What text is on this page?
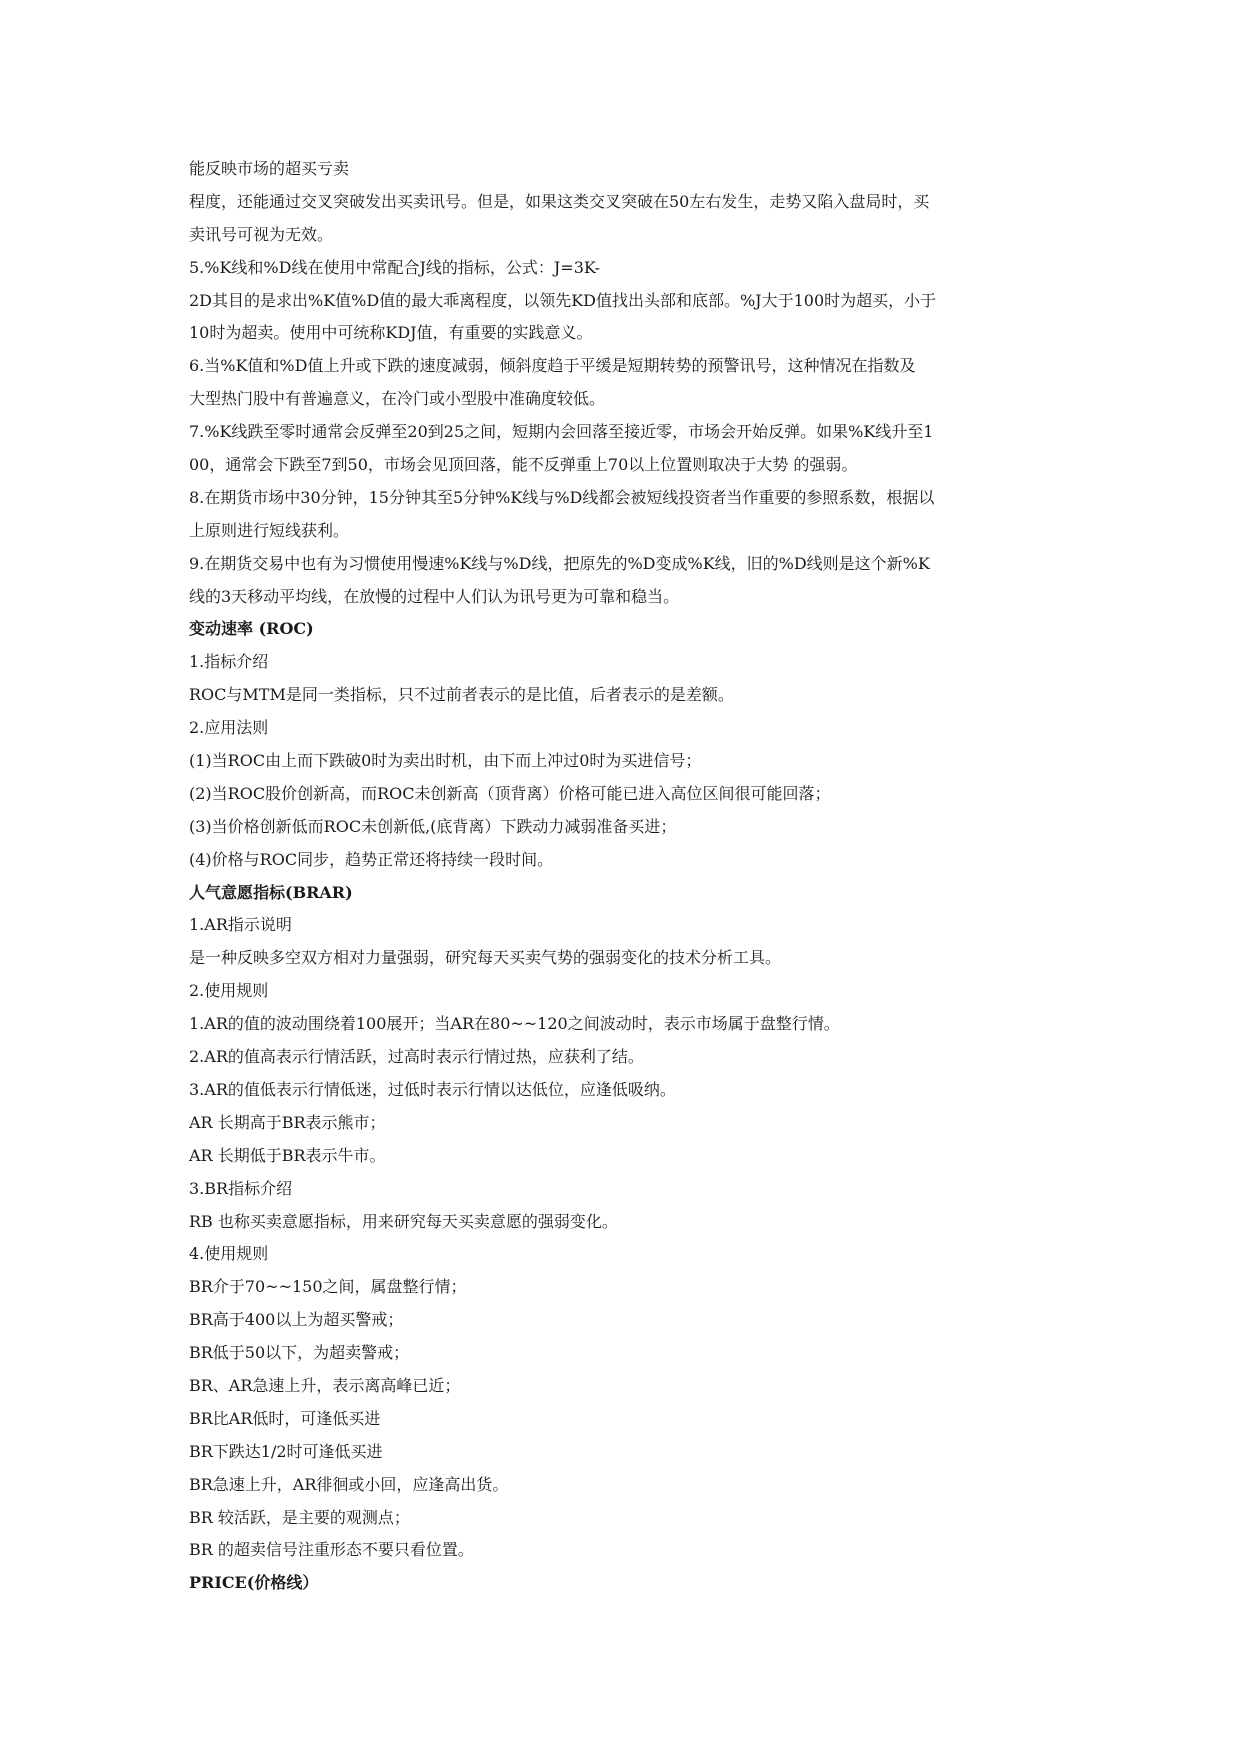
能反映市场的超买亏卖
程度，还能通过交叉突破发出买卖讯号。但是，如果这类交叉突破在50左右发生，走势又陷入盘局时，买
卖讯号可视为无效。
5.%K线和%D线在使用中常配合J线的指标，公式：J=3K-
2D其目的是求出%K值%D值的最大乖离程度，以领先KD值找出头部和底部。%J大于100时为超买，小于
10时为超卖。使用中可统称KDJ值，有重要的实践意义。
6.当%K值和%D值上升或下跌的速度减弱，倾斜度趋于平缓是短期转势的预警讯号，这种情况在指数及
大型热门股中有普遍意义，在冷门或小型股中准确度较低。
7.%K线跌至零时通常会反弹至20到25之间，短期内会回落至接近零，市场会开始反弹。如果%K线升至1
00，通常会下跌至7到50，市场会见顶回落，能不反弹重上70以上位置则取决于大势 的强弱。
8.在期货市场中30分钟，15分钟其至5分钟%K线与%D线都会被短线投资者当作重要的参照系数，根据以
上原则进行短线获利。
9.在期货交易中也有为习惯使用慢速%K线与%D线，把原先的%D变成%K线，旧的%D线则是这个新%K
线的3天移动平均线，在放慢的过程中人们认为讯号更为可靠和稳当。
变动速率 (ROC)
1.指标介绍
ROC与MTM是同一类指标，只不过前者表示的是比值，后者表示的是差额。
2.应用法则
(1)当ROC由上而下跌破0时为卖出时机，由下而上冲过0时为买进信号；
(2)当ROC股价创新高，而ROC未创新高（顶背离）价格可能已进入高位区间很可能回落；
(3)当价格创新低而ROC未创新低,(底背离）下跌动力减弱准备买进；
(4)价格与ROC同步，趋势正常还将持续一段时间。
人气意愿指标(BRAR)
1.AR指示说明
是一种反映多空双方相对力量强弱，研究每天买卖气势的强弱变化的技术分析工具。
2.使用规则
1.AR的值的波动围绕着100展开；当AR在80~~120之间波动时，表示市场属于盘整行情。
2.AR的值高表示行情活跃，过高时表示行情过热，应获利了结。
3.AR的值低表示行情低迷，过低时表示行情以达低位，应逢低吸纳。
AR 长期高于BR表示熊市；
AR 长期低于BR表示牛市。
3.BR指标介绍
RB 也称买卖意愿指标，用来研究每天买卖意愿的强弱变化。
4.使用规则
BR介于70~~150之间，属盘整行情；
BR高于400以上为超买警戒；
BR低于50以下，为超卖警戒；
BR、AR急速上升，表示离高峰已近；
BR比AR低时，可逢低买进
BR下跌达1/2时可逢低买进
BR急速上升，AR徘徊或小回，应逢高出货。
BR 较活跃，是主要的观测点；
BR 的超卖信号注重形态不要只看位置。
PRICE(价格线）
